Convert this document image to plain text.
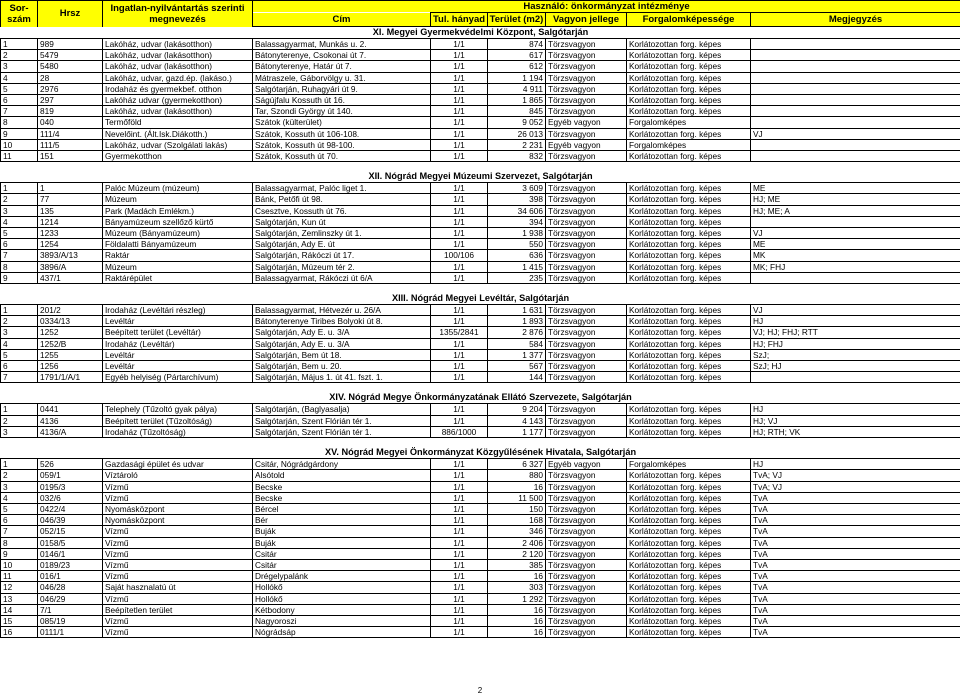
Sor-szám	Hrsz	Ingatlan-nyilvántartás szerinti megnevezés	Használó: önkormányzat intézménye					
			Cím	Tul. hányad	Terület (m2)	Vagyon jellege	Forgalomképessége	Megjegyzés
XI. Megyei Gyermekvédelmi Központ, Salgótarján								
1	989	Lakóház, udvar (lakásotthon)	Balassagyarmat, Munkás u. 2.	1/1	874	Törzsvagyon	Korlátozottan forg. képes	
2	5479	Lakóház, udvar (lakásotthon)	Bátonyterenye, Csokonai út 7.	1/1	617	Törzsvagyon	Korlátozottan forg. képes	
3	5480	Lakóház, udvar (lakásotthon)	Bátonyterenye, Határ út 7.	1/1	612	Törzsvagyon	Korlátozottan forg. képes	
4	28	Lakóház, udvar, gazd.ép. (lakáso.)	Mátraszele, Gáborvölgy u. 31.	1/1	1 194	Törzsvagyon	Korlátozottan forg. képes	
5	2976	Irodaház és gyermekbef. otthon	Salgótarján, Ruhagyári út 9.	1/1	4 911	Törzsvagyon	Korlátozottan forg. képes	
6	297	Lakóház udvar (gyermekotthon)	Ságújfalu Kossuth út 16.	1/1	1 865	Törzsvagyon	Korlátozottan forg. képes	
7	819	Lakóház, udvar (lakásotthon)	Tar, Szondi György út 140.	1/1	845	Törzsvagyon	Korlátozottan forg. képes	
8	040	Termőföld	Szátok (külterület)	1/1	9 052	Egyéb vagyon	Forgalomképes	
9	111/4	Nevelőint. (Ált.Isk.Diákotth.)	Szátok, Kossuth út 106-108.	1/1	26 013	Törzsvagyon	Korlátozottan forg. képes	VJ
10	111/5	Lakóház, udvar (Szolgálati lakás)	Szátok, Kossuth út 98-100.	1/1	2 231	Egyéb vagyon	Forgalomképes	
11	151	Gyermekotthon	Szátok, Kossuth út 70.	1/1	832	Törzsvagyon	Korlátozottan forg. képes	

XII. Nógrád Megyei Múzeumi Szervezet, Salgótarján								
1	1	Palóc Múzeum (múzeum)	Balassagyarmat, Palóc liget 1.	1/1	3 609	Törzsvagyon	Korlátozottan forg. képes	ME
2	77	Múzeum	Bánk, Petőfi út 98.	1/1	398	Törzsvagyon	Korlátozottan forg. képes	HJ; ME
3	135	Park (Madách Emlékm.)	Csesztve, Kossuth út 76.	1/1	34 606	Törzsvagyon	Korlátozottan forg. képes	HJ; ME; A
4	1214	Bányamúzeum szellőző kürtő	Salgótarján, Kun út	1/1	394	Törzsvagyon	Korlátozottan forg. képes	
5	1233	Múzeum (Bányamúzeum)	Salgótarján, Zemlinszky út 1.	1/1	1 938	Törzsvagyon	Korlátozottan forg. képes	VJ
6	1254	Földalatti Bányamúzeum	Salgótarján, Ady E. út	1/1	550	Törzsvagyon	Korlátozottan forg. képes	ME
7	3893/A/13	Raktár	Salgótarján, Rákóczi út 17.	100/106	636	Törzsvagyon	Korlátozottan forg. képes	MK
8	3896/A	Múzeum	Salgótarján, Múzeum tér 2.	1/1	1 415	Törzsvagyon	Korlátozottan forg. képes	MK; FHJ
9	437/1	Raktárépület	Balassagyarmat, Rákóczi út 6/A	1/1	235	Törzsvagyon	Korlátozottan forg. képes	

XIII. Nógrád Megyei Levéltár, Salgótarján								
1	201/2	Irodaház (Levéltári részleg)	Balassagyarmat, Hétvezér u. 26/A	1/1	1 631	Törzsvagyon	Korlátozottan forg. képes	VJ
2	0334/13	Levéltár	Bátonyterenye Tiribes Bolyoki út 8.	1/1	1 893	Törzsvagyon	Korlátozottan forg. képes	HJ
3	1252	Beépített terület (Levéltár)	Salgótarján, Ady E. u. 3/A	1355/2841	2 876	Törzsvagyon	Korlátozottan forg. képes	VJ; HJ; FHJ; RTT
4	1252/B	Irodaház (Levéltár)	Salgótarján, Ady E. u. 3/A	1/1	584	Törzsvagyon	Korlátozottan forg. képes	HJ; FHJ
5	1255	Levéltár	Salgótarján, Bem út 18.	1/1	1 377	Törzsvagyon	Korlátozottan forg. képes	SzJ;
6	1256	Levéltár	Salgótarján, Bem u. 20.	1/1	567	Törzsvagyon	Korlátozottan forg. képes	SzJ; HJ
7	1791/1/A/1	Egyéb helyiség (Pártarchívum)	Salgótarján, Május 1. út 41. fszt. 1.	1/1	144	Törzsvagyon	Korlátozottan forg. képes	

XIV. Nógrád Megye Önkormányzatának Ellátó Szervezete, Salgótarján								
1	0441	Telephely (Tűzoltó gyak pálya)	Salgótarján, (Baglyasalja)	1/1	9 204	Törzsvagyon	Korlátozottan forg. képes	HJ
2	4136	Beépített terület (Tűzoltóság)	Salgótarján, Szent Flórián tér 1.	1/1	4 143	Törzsvagyon	Korlátozottan forg. képes	HJ; VJ
3	4136/A	Irodaház (Tűzoltóság)	Salgótarján, Szent Flórián tér 1.	886/1000	1 177	Törzsvagyon	Korlátozottan forg. képes	HJ; RTH; VK

XV. Nógrád Megyei Önkormányzat Közgyűlésének Hivatala, Salgótarján								
1	526	Gazdasági épület és udvar	Csitár, Nógrádgárdony	1/1	6 327	Egyéb vagyon	Forgalomképes	HJ
2	059/1	Víztároló	Alsótold	1/1	880	Törzsvagyon	Korlátozottan forg. képes	TvA; VJ
3	0195/3	Vízmű	Becske	1/1	16	Törzsvagyon	Korlátozottan forg. képes	TvA; VJ
4	032/6	Vízmű	Becske	1/1	11 500	Törzsvagyon	Korlátozottan forg. képes	TvA
5	0422/4	Nyomásközpont	Bércel	1/1	150	Törzsvagyon	Korlátozottan forg. képes	TvA
6	046/39	Nyomásközpont	Bér	1/1	168	Törzsvagyon	Korlátozottan forg. képes	TvA
7	052/15	Vízmű	Buják	1/1	346	Törzsvagyon	Korlátozottan forg. képes	TvA
8	0158/5	Vízmű	Buják	1/1	2 406	Törzsvagyon	Korlátozottan forg. képes	TvA
9	0146/1	Vízmű	Csitár	1/1	2 120	Törzsvagyon	Korlátozottan forg. képes	TvA
10	0189/23	Vízmű	Csitár	1/1	385	Törzsvagyon	Korlátozottan forg. képes	TvA
11	016/1	Vízmű	Drégelypalánk	1/1	16	Törzsvagyon	Korlátozottan forg. képes	TvA
12	046/28	Saját hasznalatú út	Hollókő	1/1	303	Törzsvagyon	Korlátozottan forg. képes	TvA
13	046/29	Vízmű	Hollókő	1/1	1 292	Törzsvagyon	Korlátozottan forg. képes	TvA
14	7/1	Beépítetlen terület	Kétbodony	1/1	16	Törzsvagyon	Korlátozottan forg. képes	TvA
15	085/19	Vízmű	Nagyoroszi	1/1	16	Törzsvagyon	Korlátozottan forg. képes	TvA
16	0111/1	Vízmű	Nógrádsáp	1/1	16	Törzsvagyon	Korlátozottan forg. képes	TvA
2
